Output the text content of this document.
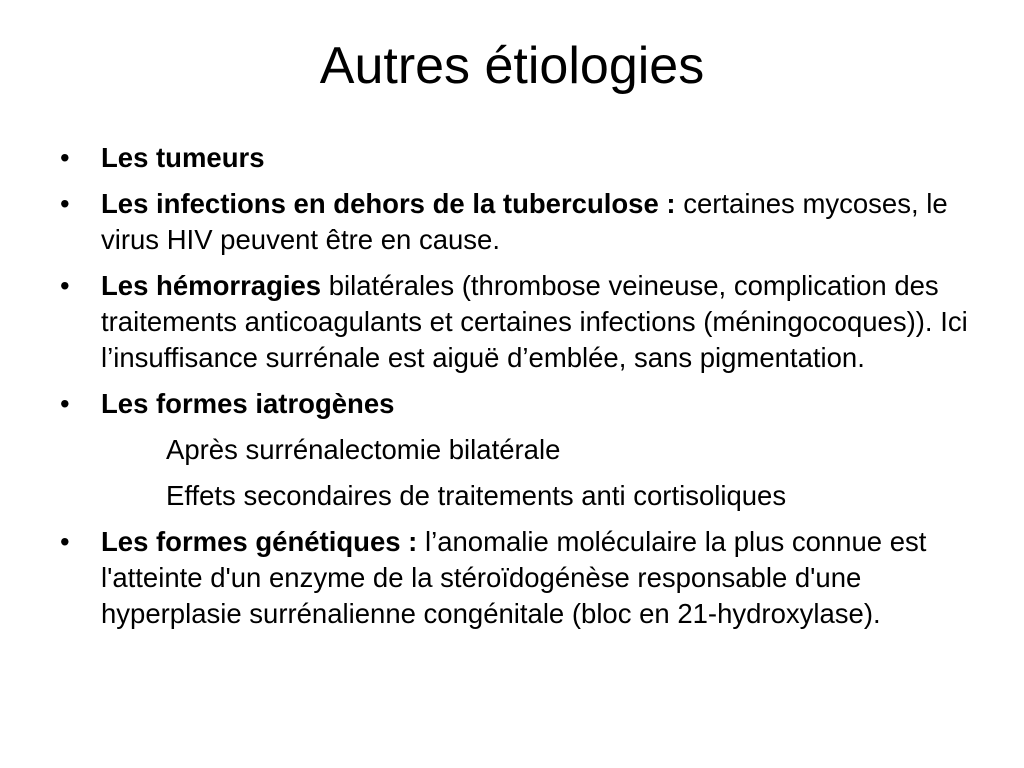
Autres étiologies
•	Les tumeurs
•	Les infections en dehors de la tuberculose : certaines mycoses, le virus HIV peuvent être en cause.
•	Les hémorragies bilatérales (thrombose veineuse, complication des traitements anticoagulants et certaines infections (méningocoques)). Ici l’insuffisance surrénale est aiguë d’emblée, sans pigmentation.
•	Les formes iatrogènes
Après surrénalectomie bilatérale
Effets secondaires de traitements anti cortisoliques
•	Les formes génétiques : l’anomalie moléculaire la plus connue est l'atteinte d'un enzyme de la stéroïdogénèse responsable d'une hyperplasie surrénalienne congénitale (bloc en 21-hydroxylase).
